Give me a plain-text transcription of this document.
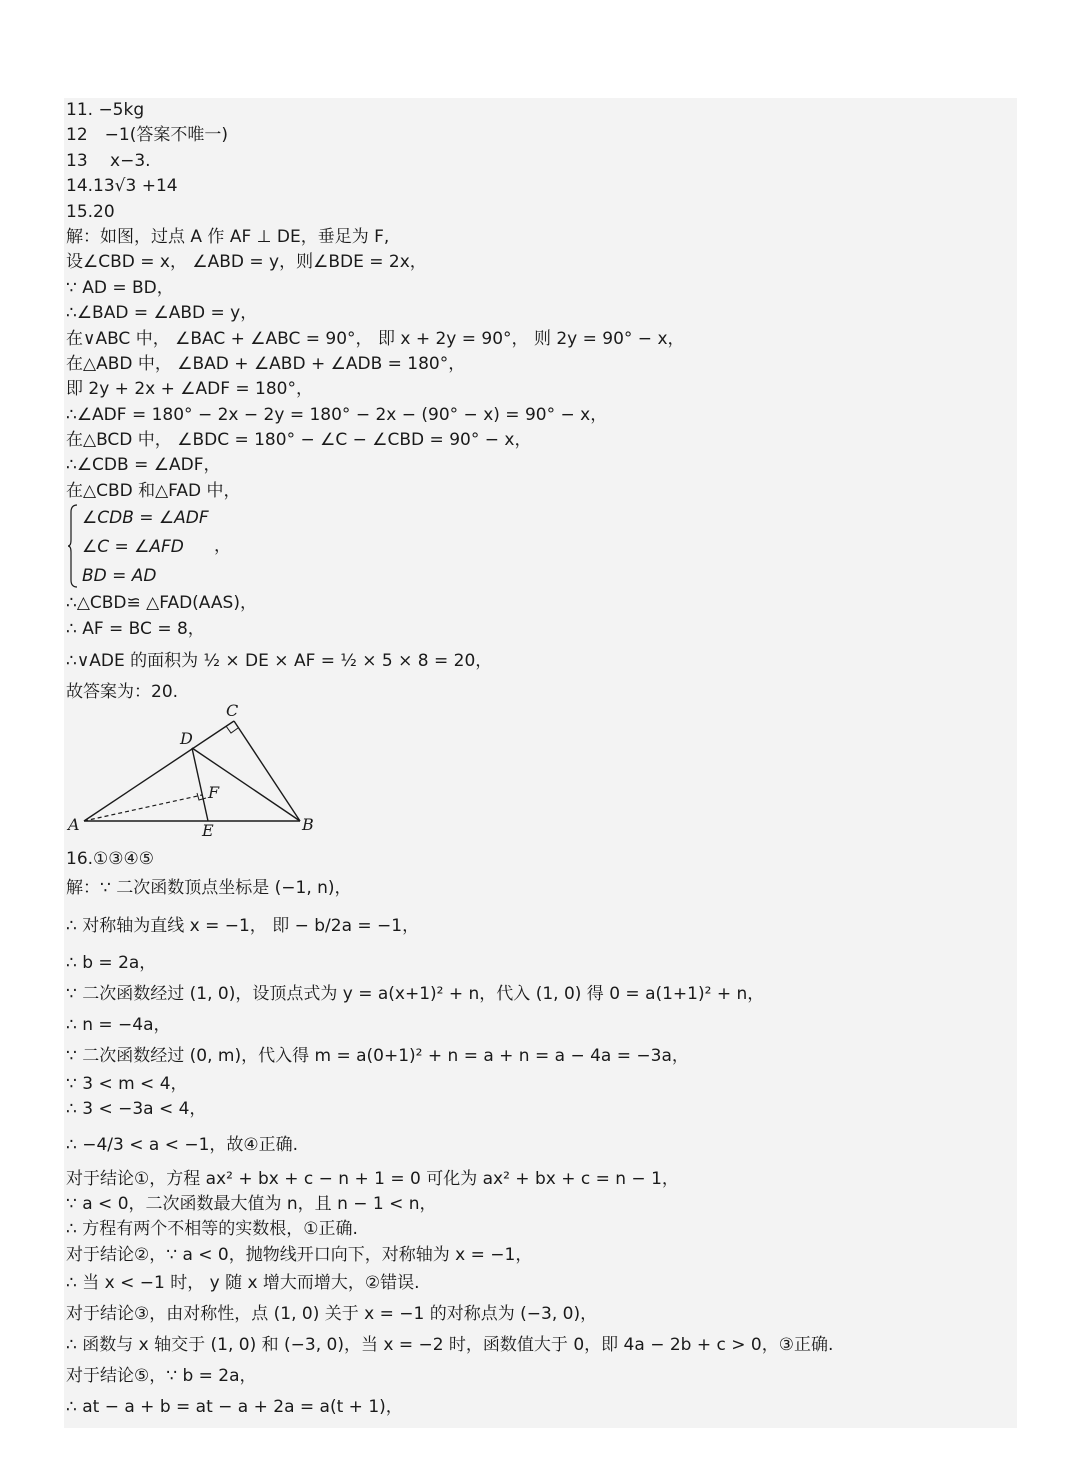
11. −5kg
12　−1(答案不唯一)
13　 x−3.
14.13√3 +14
15.20
解：如图，过点 A 作 AF ⊥ DE，垂足为 F,
设∠CBD = x， ∠ABD = y，则∠BDE = 2x，
∵ AD = BD，
∴∠BAD = ∠ABD = y，
在∨ABC 中， ∠BAC + ∠ABC = 90°， 即 x + 2y = 90°， 则 2y = 90° − x，
在△ABD 中， ∠BAD + ∠ABD + ∠ADB = 180°，
即 2y + 2x + ∠ADF = 180°，
∴∠ADF = 180° − 2x − 2y = 180° − 2x − (90° − x) = 90° − x，
在△BCD 中， ∠BDC = 180° − ∠C − ∠CBD = 90° − x，
∴∠CDB = ∠ADF，
在△CBD 和△FAD 中，
∠CDB = ∠ADF
∠C = ∠AFD
BD = AD
，
∴△CBD≌ △FAD(AAS)，
∴ AF = BC = 8，
∴∨ADE 的面积为 ½ × DE × AF = ½ × 5 × 8 = 20，
故答案为：20.
C
D
F
A	E	B
16.①③④⑤
解：∵ 二次函数顶点坐标是 (−1, n)，
∴ 对称轴为直线 x = −1， 即 − b/2a = −1，
∴ b = 2a，
∵ 二次函数经过 (1, 0)，设顶点式为 y = a(x+1)² + n，代入 (1, 0) 得 0 = a(1+1)² + n，
∴ n = −4a，
∵ 二次函数经过 (0, m)，代入得 m = a(0+1)² + n = a + n = a − 4a = −3a，
∵ 3 < m < 4，
∴ 3 < −3a < 4，
∴ −4/3 < a < −1，故④正确.
对于结论①，方程 ax² + bx + c − n + 1 = 0 可化为 ax² + bx + c = n − 1，
∵ a < 0，二次函数最大值为 n，且 n − 1 < n，
∴ 方程有两个不相等的实数根，①正确.
对于结论②，∵ a < 0，抛物线开口向下，对称轴为 x = −1，
∴ 当 x < −1 时， y 随 x 增大而增大，②错误.
对于结论③，由对称性，点 (1, 0) 关于 x = −1 的对称点为 (−3, 0)，
∴ 函数与 x 轴交于 (1, 0) 和 (−3, 0)，当 x = −2 时，函数值大于 0，即 4a − 2b + c > 0，③正确.
对于结论⑤，∵ b = 2a，
∴ at − a + b = at − a + 2a = a(t + 1)，
